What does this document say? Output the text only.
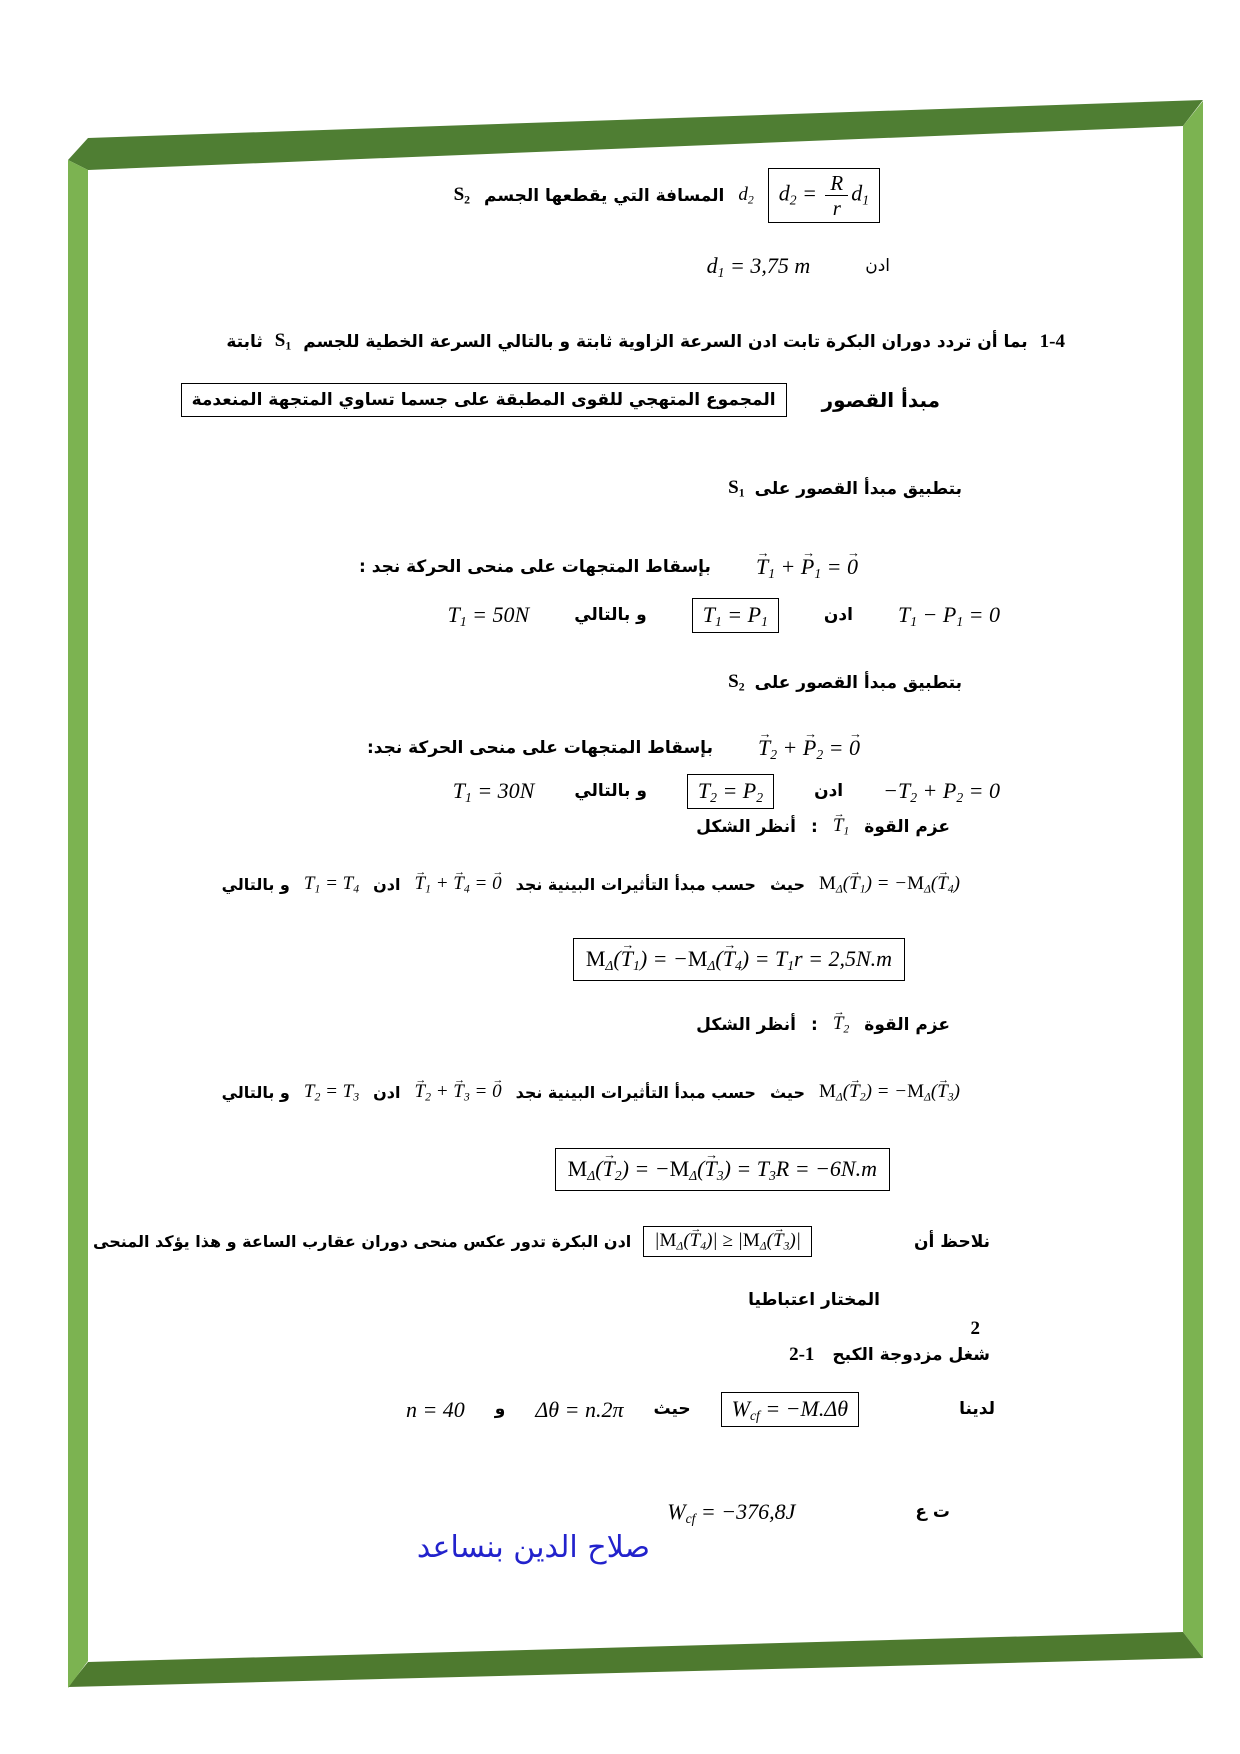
$d_2 = \frac{R}{r} d_1$
$d_2$
المسافة التي يقطعها الجسم
$S_2$
ادن
$d_1 = 3,75$ m
1-4
بما أن تردد دوران البكرة تابت ادن السرعة الزاوية ثابتة و بالتالي السرعة الخطية للجسم
$S_1$
ثابتة
مبدأ القصور
المجموع المتهجي للقوى المطبقة على جسما تساوي المتجهة المنعدمة
بتطبيق مبدأ القصور على
$S_1$
$T \to_1 + P \to_1 = 0$ →
بإسقاط المتجهات على منحى الحركة نجد :
$T_1 - P_1 = 0$
ادن
$T_1 = P_1$
و بالتالي
$T_1 = 50N$
بتطبيق مبدأ القصور على
$S_2$
$T \to_2 + P \to_2 = 0$ →
بإسقاط المتجهات على منحى الحركة نجد:
$-T_2 + P_2 = 0$
ادن
$T_2 = P_2$
و بالتالي
$T_1 = 30N$
عزم القوة
$T \to_1$
:
أنظر الشكل
$M_\Delta(T \to_1) = -M_\Delta(T \to_4)$
حيث
حسب مبدأ التأثيرات البينية نجد
$T \to_1 + T \to_4 = 0$ →
ادن
$T_1 = T_4$
و بالتالي
$M_\Delta(T \to_1) = -M_\Delta(T \to_4) = T_1r = 2,5N.m$
عزم القوة
$T \to_2$
:
أنظر الشكل
$M_\Delta(T \to_2) = -M_\Delta(T \to_3)$
حيث
حسب مبدأ التأثيرات البينية نجد
$T \to_2 + T \to_3 = 0$ →
ادن
$T_2 = T_3$
و بالتالي
$M_\Delta(T \to_2) = -M_\Delta(T \to_3) = T_3R = -6N.m$
نلاحظ أن
$|M_\Delta(T \to_4)| \ge |M_\Delta(T \to_3)|$
ادن البكرة تدور عكس منحى دوران عقارب الساعة و هذا يؤكد المنحى
المختار اعتباطيا
2
شغل مزدوجة الكبح
2-1
لدينا
$W_{cf} = -M.\Delta\theta$
حيث
Δθ = n.2π
و
n = 40
ت ع
$W_{cf} = -376,8J$
صلاح الدين بنساعد
